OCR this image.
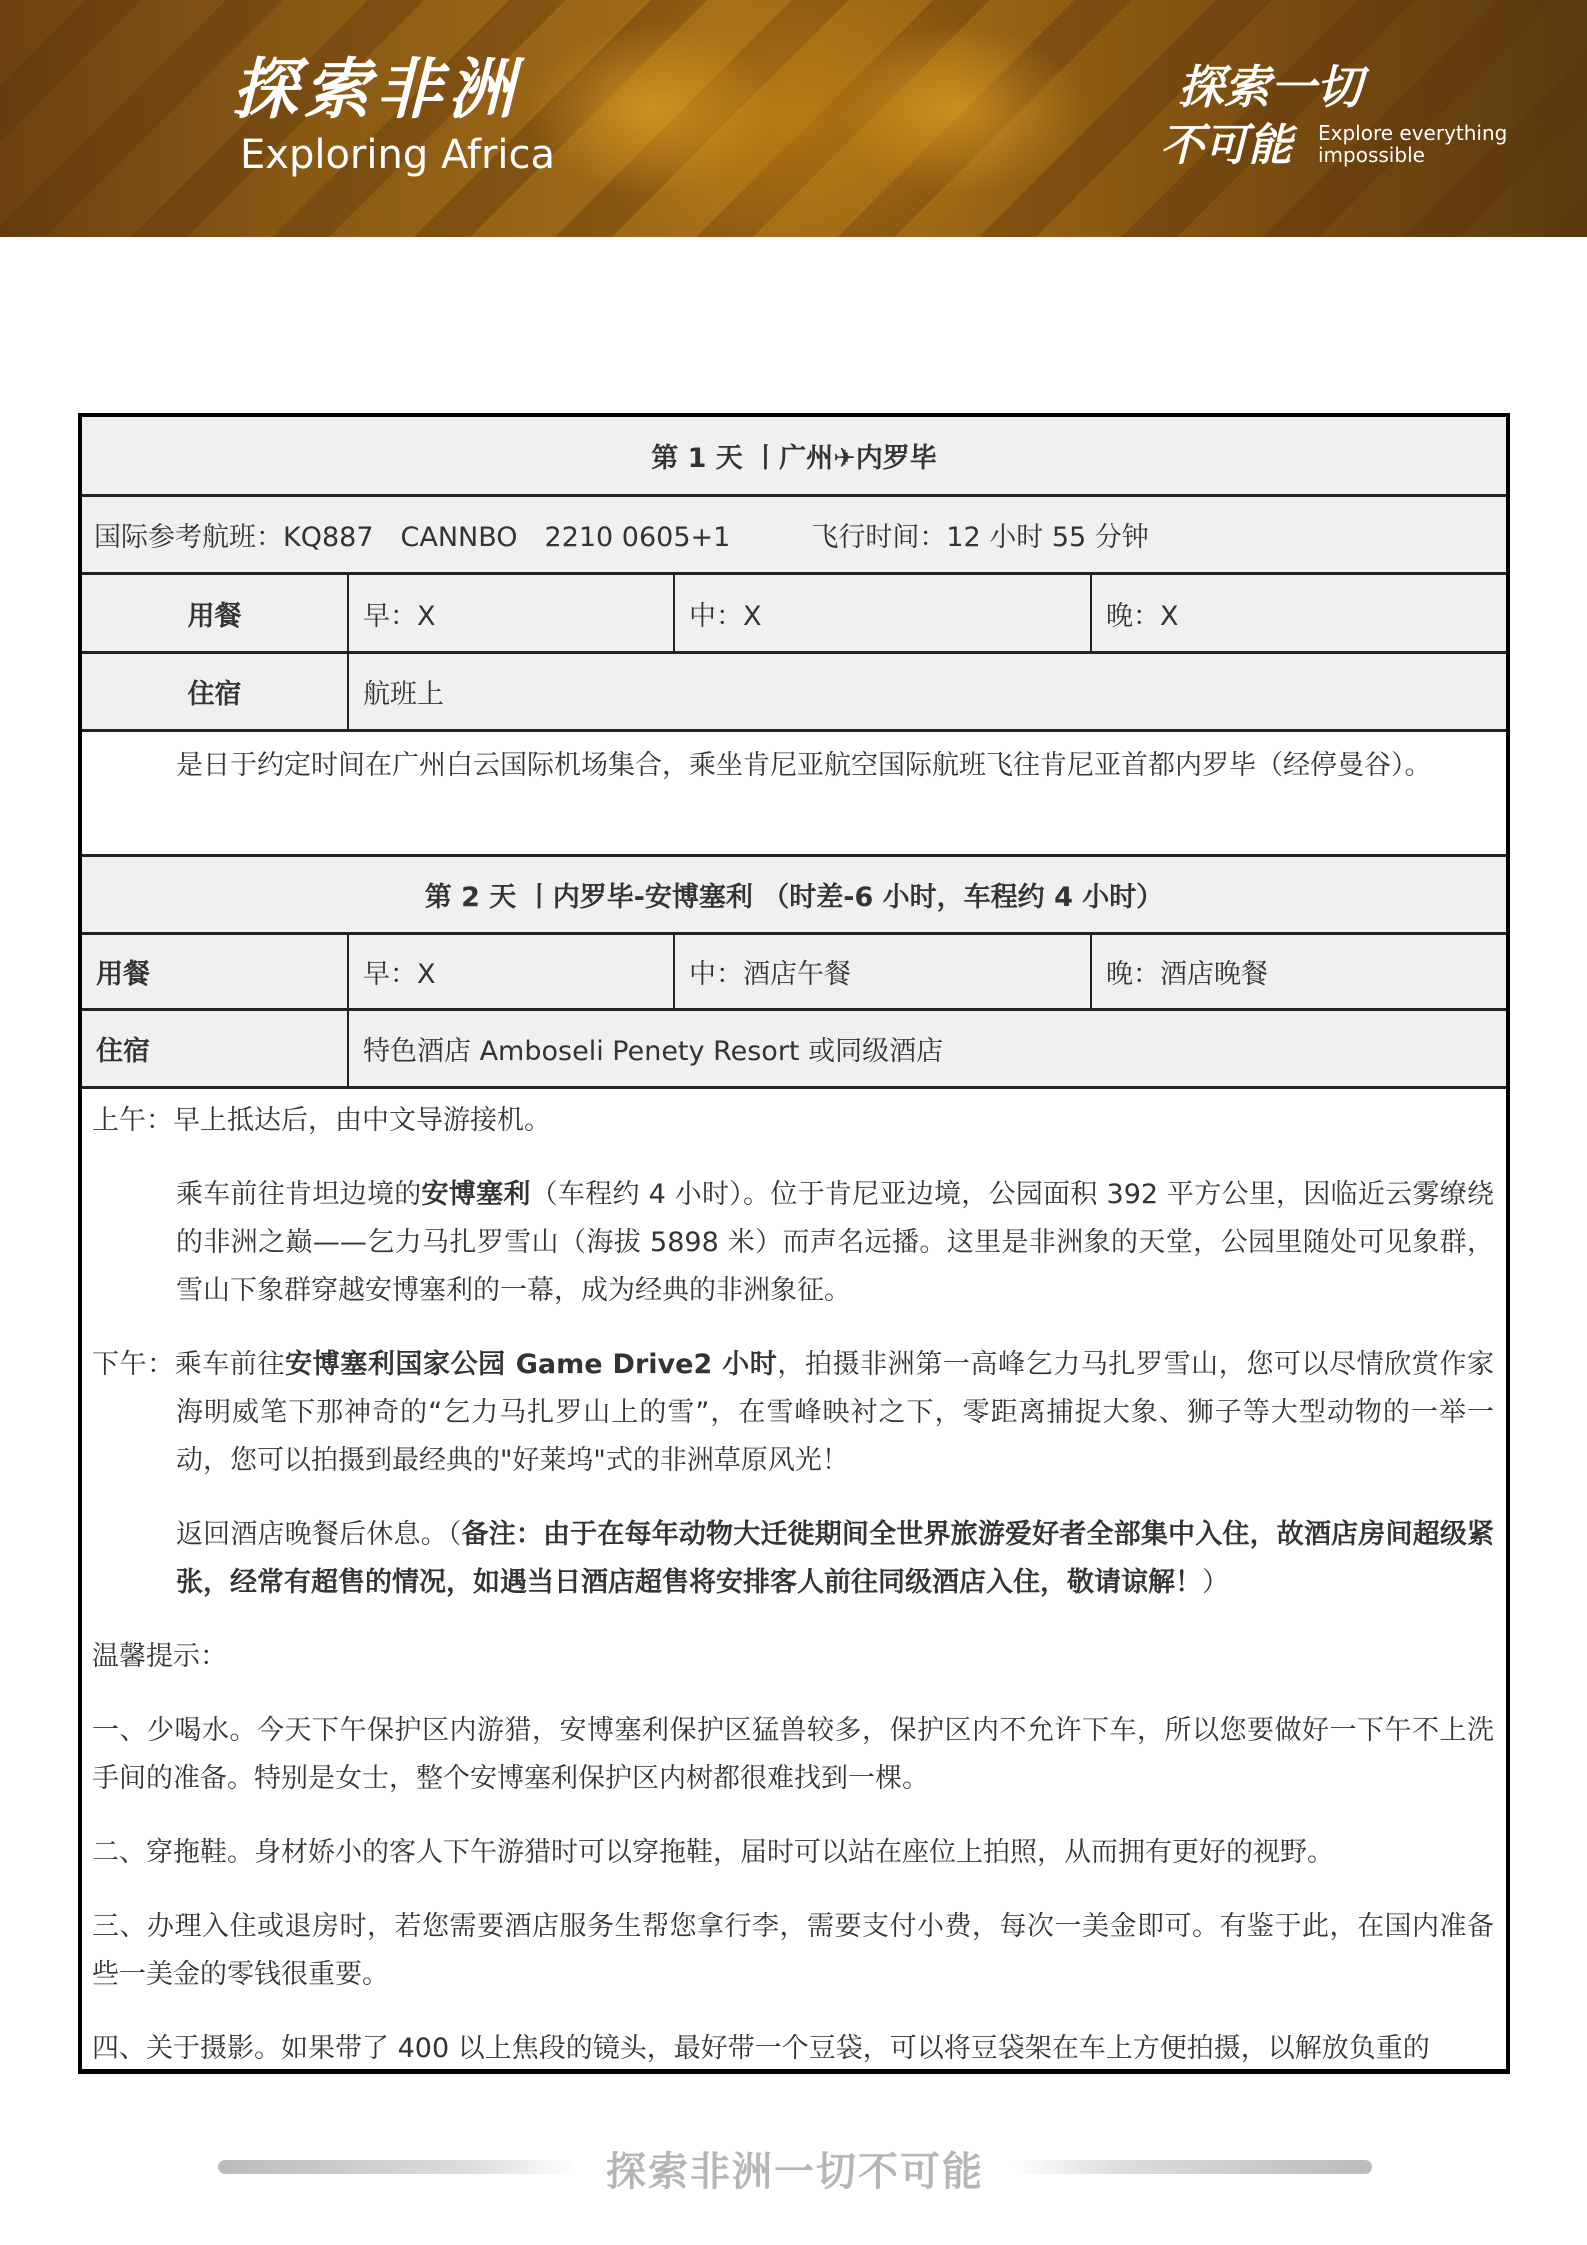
探索非洲
Exploring Africa
探索一切
不可能 Explore everything
impossible
第 1 天 丨广州✈内罗毕
国际参考航班：KQ887　CANNBO　2210 0605+1　　　飞行时间：12 小时 55 分钟
用餐	早：X	中：X	晚：X
住宿	航班上
是日于约定时间在广州白云国际机场集合，乘坐肯尼亚航空国际航班飞往肯尼亚首都内罗毕（经停曼谷）。
第 2 天 丨内罗毕-安博塞利 （时差-6 小时，车程约 4 小时）
用餐	早：X	中：酒店午餐	晚：酒店晚餐
住宿	特色酒店 Amboseli Penety Resort 或同级酒店
上午：早上抵达后，由中文导游接机。
乘车前往肯坦边境的安博塞利（车程约 4 小时）。位于肯尼亚边境，公园面积 392 平方公里，因临近云雾缭绕的非洲之巅——乞力马扎罗雪山（海拔 5898 米）而声名远播。这里是非洲象的天堂，公园里随处可见象群，雪山下象群穿越安博塞利的一幕，成为经典的非洲象征。
下午：乘车前往安博塞利国家公园 Game Drive2 小时，拍摄非洲第一高峰乞力马扎罗雪山，您可以尽情欣赏作家海明威笔下那神奇的“乞力马扎罗山上的雪”，在雪峰映衬之下，零距离捕捉大象、狮子等大型动物的一举一动，您可以拍摄到最经典的"好莱坞"式的非洲草原风光！
返回酒店晚餐后休息。（备注：由于在每年动物大迁徙期间全世界旅游爱好者全部集中入住，故酒店房间超级紧张，经常有超售的情况，如遇当日酒店超售将安排客人前往同级酒店入住，敬请谅解！）
温馨提示：
一、少喝水。今天下午保护区内游猎，安博塞利保护区猛兽较多，保护区内不允许下车，所以您要做好一下午不上洗手间的准备。特别是女士，整个安博塞利保护区内树都很难找到一棵。
二、穿拖鞋。身材娇小的客人下午游猎时可以穿拖鞋，届时可以站在座位上拍照，从而拥有更好的视野。
三、办理入住或退房时，若您需要酒店服务生帮您拿行李，需要支付小费，每次一美金即可。有鉴于此，在国内准备些一美金的零钱很重要。
四、关于摄影。如果带了 400 以上焦段的镜头，最好带一个豆袋，可以将豆袋架在车上方便拍摄，以解放负重的
探索非洲一切不可能
